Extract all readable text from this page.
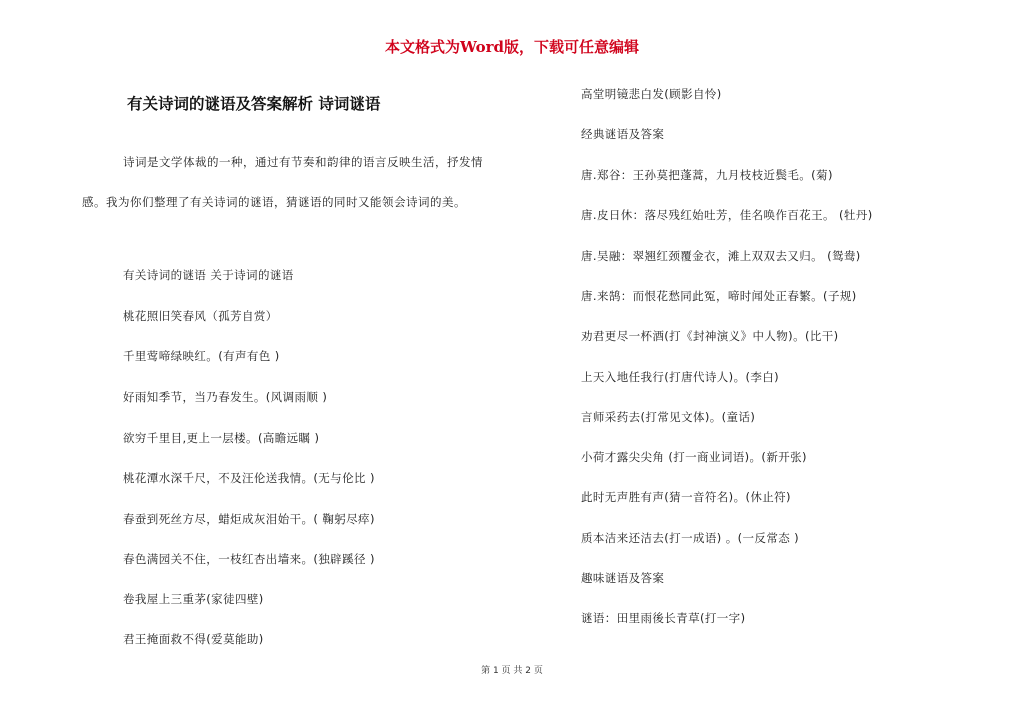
本文格式为Word版，下载可任意编辑
有关诗词的谜语及答案解析 诗词谜语

诗词是文学体裁的一种，通过有节奏和韵律的语言反映生活，抒发情感。我为你们整理了有关诗词的谜语，猜谜语的同时又能领会诗词的美。

有关诗词的谜语 关于诗词的谜语
桃花照旧笑春风（孤芳自赏）
千里莺啼绿映红。(有声有色 )
好雨知季节，当乃春发生。(风调雨顺 )
欲穷千里目,更上一层楼。(高瞻远瞩 )
桃花潭水深千尺，不及汪伦送我情。(无与伦比 )
春蚕到死丝方尽，蜡炬成灰泪始干。( 鞠躬尽瘁)
春色满园关不住，一枝红杏出墙来。(独辟蹊径 )
卷我屋上三重茅(家徒四壁)
君王掩面救不得(爱莫能助)
高堂明镜悲白发(顾影自怜)
经典谜语及答案
唐.郑谷：王孙莫把蓬蒿，九月枝枝近鬓毛。(菊)
唐.皮日休：落尽残红始吐芳，佳名唤作百花王。 (牡丹)
唐.吴融：翠翘红颈覆金衣，滩上双双去又归。 (鸳鸯)
唐.来鹄：而恨花愁同此冤，啼时闻处正春繁。(子规)
劝君更尽一杯酒(打《封神演义》中人物)。(比干)
上天入地任我行(打唐代诗人)。(李白)
言师采药去(打常见文体)。(童话)
小荷才露尖尖角 (打一商业词语)。(新开张)
此时无声胜有声(猜一音符名)。(休止符)
质本洁来还洁去(打一成语) 。(一反常态 )
趣味谜语及答案
谜语：田里雨後长青草(打一字)
第 1 页 共 2 页
